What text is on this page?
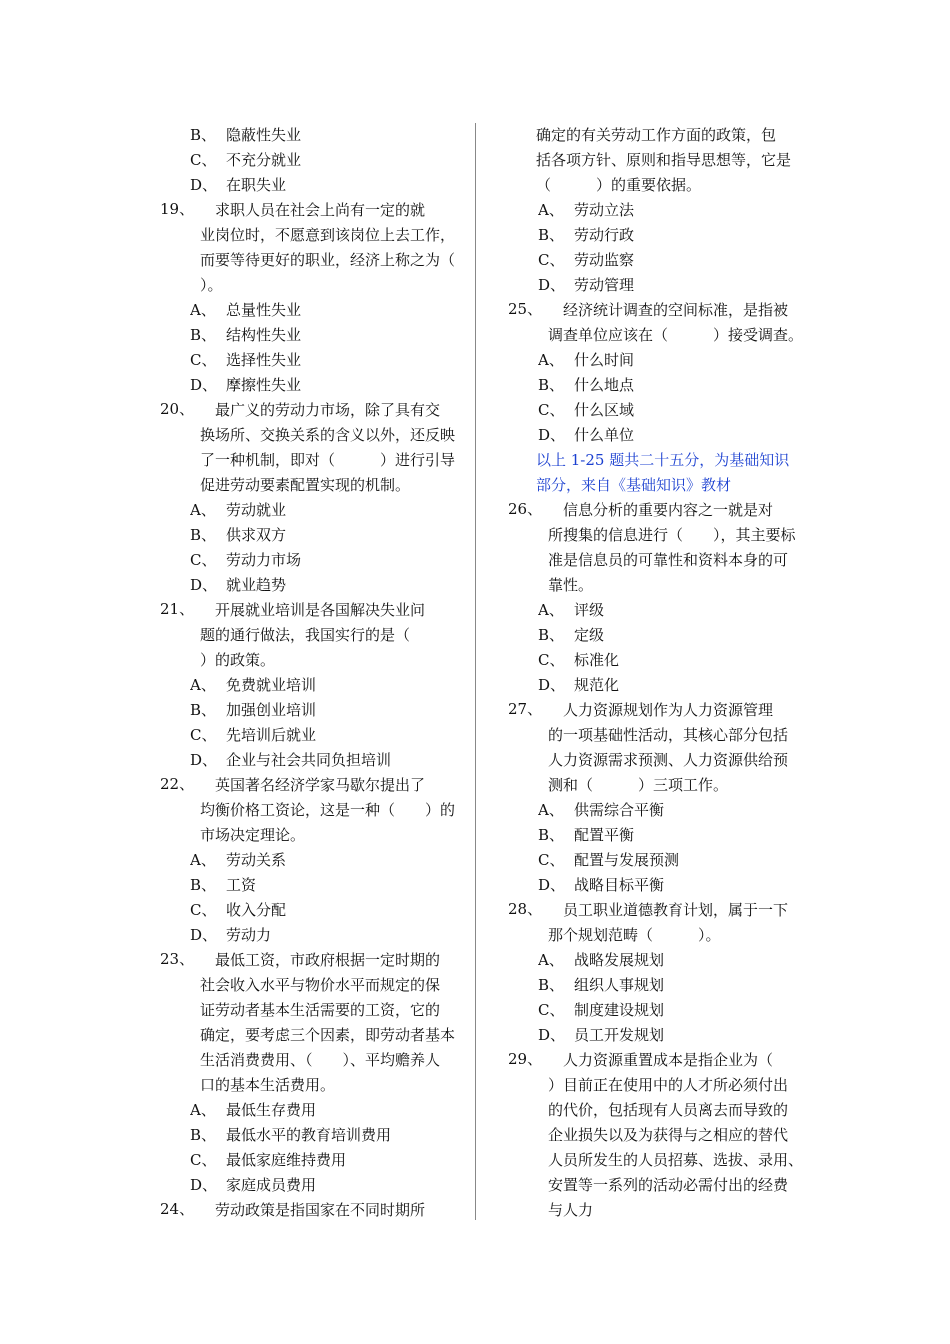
B、 隐蔽性失业
C、 不充分就业
D、 在职失业
19、 　求职人员在社会上尚有一定的就
业岗位时，不愿意到该岗位上去工作，
而要等待更好的职业，经济上称之为（
）。
A、 总量性失业
B、 结构性失业
C、 选择性失业
D、 摩擦性失业
20、 　最广义的劳动力市场，除了具有交
换场所、交换关系的含义以外，还反映
了一种机制，即对（　　　）进行引导
促进劳动要素配置实现的机制。
A、 劳动就业
B、 供求双方
C、 劳动力市场
D、 就业趋势
21、 　开展就业培训是各国解决失业问
题的通行做法，我国实行的是（
）的政策。
A、 免费就业培训
B、 加强创业培训
C、 先培训后就业
D、 企业与社会共同负担培训
22、 　英国著名经济学家马歇尔提出了
均衡价格工资论，这是一种（　　）的
市场决定理论。
A、 劳动关系
B、 工资
C、 收入分配
D、 劳动力
23、 　最低工资，市政府根据一定时期的
社会收入水平与物价水平而规定的保
证劳动者基本生活需要的工资，它的
确定，要考虑三个因素，即劳动者基本
生活消费费用、（　　）、平均赡养人
口的基本生活费用。
A、 最低生存费用
B、 最低水平的教育培训费用
C、 最低家庭维持费用
D、 家庭成员费用
24、 　劳动政策是指国家在不同时期所
确定的有关劳动工作方面的政策，包
括各项方针、原则和指导思想等，它是
（　　　）的重要依据。
A、 劳动立法
B、 劳动行政
C、 劳动监察
D、 劳动管理
25、 　经济统计调查的空间标准，是指被
调查单位应该在（　　　）接受调查。
A、 什么时间
B、 什么地点
C、 什么区域
D、 什么单位
以上 1-25 题共二十五分，为基础知识
部分，来自《基础知识》教材
26、 　信息分析的重要内容之一就是对
所搜集的信息进行（　　），其主要标
准是信息员的可靠性和资料本身的可
靠性。
A、 评级
B、 定级
C、 标准化
D、 规范化
27、 　人力资源规划作为人力资源管理
的一项基础性活动，其核心部分包括
人力资源需求预测、人力资源供给预
测和（　　　）三项工作。
A、 供需综合平衡
B、 配置平衡
C、 配置与发展预测
D、 战略目标平衡
28、 　员工职业道德教育计划，属于一下
那个规划范畴（　　　）。
A、 战略发展规划
B、 组织人事规划
C、 制度建设规划
D、 员工开发规划
29、 　人力资源重置成本是指企业为（
）目前正在使用中的人才所必须付出
的代价，包括现有人员离去而导致的
企业损失以及为获得与之相应的替代
人员所发生的人员招募、选拔、录用、
安置等一系列的活动必需付出的经费
与人力
